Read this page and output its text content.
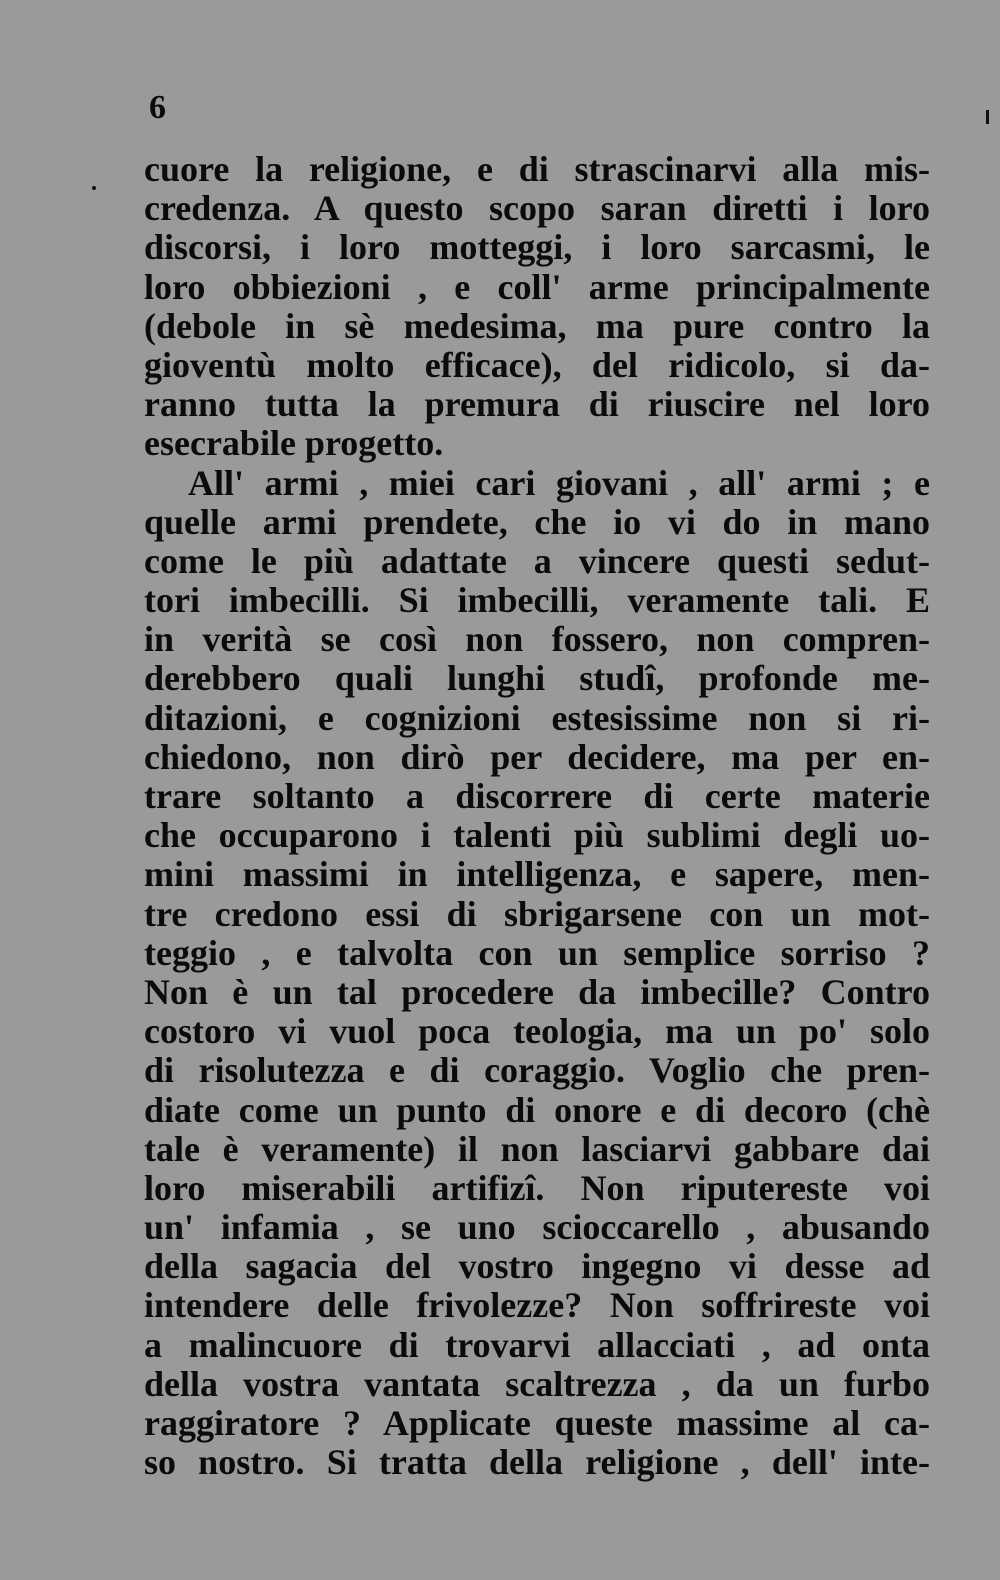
6
cuore la religione, e di strascinarvi alla mis-
credenza. A questo scopo saran diretti i loro
discorsi, i loro motteggi, i loro sarcasmi, le
loro obbiezioni , e coll' arme principalmente
(debole in sè medesima, ma pure contro la
gioventù molto efficace), del ridicolo, si da-
ranno tutta la premura di riuscire nel loro
esecrabile progetto.
All' armi , miei cari giovani , all' armi ; e
quelle armi prendete, che io vi do in mano
come le più adattate a vincere questi sedut-
tori imbecilli. Si imbecilli, veramente tali. E
in verità se così non fossero, non compren-
derebbero quali lunghi studî, profonde me-
ditazioni, e cognizioni estesissime non si ri-
chiedono, non dirò per decidere, ma per en-
trare soltanto a discorrere di certe materie
che occuparono i talenti più sublimi degli uo-
mini massimi in intelligenza, e sapere, men-
tre credono essi di sbrigarsene con un mot-
teggio , e talvolta con un semplice sorriso ?
Non è un tal procedere da imbecille? Contro
costoro vi vuol poca teologia, ma un po' solo
di risolutezza e di coraggio. Voglio che pren-
diate come un punto di onore e di decoro (chè
tale è veramente) il non lasciarvi gabbare dai
loro miserabili artifizî. Non riputereste voi
un' infamia , se uno scioccarello , abusando
della sagacia del vostro ingegno vi desse ad
intendere delle frivolezze? Non soffrireste voi
a malincuore di trovarvi allacciati , ad onta
della vostra vantata scaltrezza , da un furbo
raggiratore ? Applicate queste massime al ca-
so nostro. Si tratta della religione , dell' inte-
